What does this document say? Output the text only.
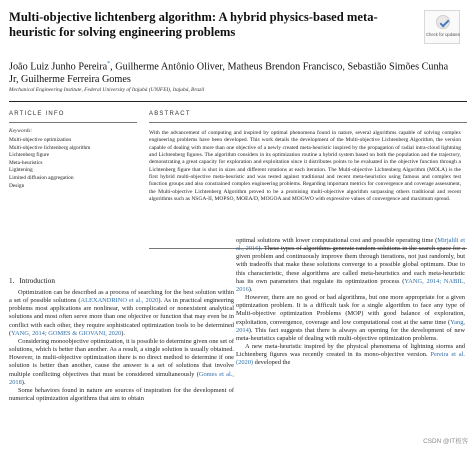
Multi-objective lichtenberg algorithm: A hybrid physics-based meta-heuristic for solving engineering problems	Check for updates
João Luiz Junho Pereira*, Guilherme Antônio Oliver, Matheus Brendon Francisco, Sebastião Simões Cunha Jr, Guilherme Ferreira Gomes
Mechanical Engineering Institute, Federal University of Itajubá (UNIFEI), Itajubá, Brazil
ARTICLE INFO
Keywords:
Multi-objective optimization
Multi-objective lichtenberg algorithm
Lichtenberg figure
Meta-heuristics
Lightening
Limited diffusion aggregation
Design
ABSTRACT
With the advancement of computing and inspired by optimal phenomena found in nature, several algorithms capable of solving complex engineering problems have been developed. This work details the development of the Multi-objective Lichtenberg Algorithm, the version capable of dealing with more than one objective of a newly created meta-heuristic inspired by the propagation of radial intra-cloud lightning and Lichtenberg figures. The algorithm considers in its optimization routine a hybrid system based on both the population and the trajectory, demonstrating a great capacity for exploration and exploitation since it distributes points to be evaluated in the objective function through a Lichtenberg figure that is shot in sizes and different rotations at each iteration. The Multi-objective Lichtenberg Algorithm (MOLA) is the first hybrid multi-objective meta-heuristic and was tested against traditional and recent meta-heuristics using famous and complex test function groups and also constrained complex engineering problems. Regarding important metrics for convergence and coverage assessment, the Multi-objective Lichtenberg Algorithm proved to be a promising multi-objective algorithm surpassing others traditional and recent algorithms such as NSGA-II, MOPSO, MOEA/D, MOGOA and MOGWO with expressive values of convergence and maximum spread.
1. Introduction

Optimization can be described as a process of searching for the best solution within a set of possible solutions (ALEXANDRINO et al., 2020). As in practical engineering problems most applications are nonlinear, with complicated or nonexistent analytical solutions and most often serve more than one objective or function that may even be in conflict with each other, they require sophisticated optimization tools to be determined (YANG, 2014; GOMES & GIOVANI, 2020).

Considering monoobjective optimization, it is possible to determine given one set of solutions, which is better than another. As a result, a single solution is usually obtained. However, in multi-objective optimization there is no direct method to determine if one solution is better than another, cause the answer is a set of solutions that involve multiple conflicting objectives that must be considered simultaneously (Gomes et al., 2018).

Some behaviors found in nature are sources of inspiration for the development of numerical optimization algorithms that aim to obtain

optimal solutions with lower computational cost and possible operating time (Mirjalili et al., 2016). These types of algorithms generate random solutions in the search space for a given problem and continuously improve them through iterations, not just randomly, but with tradeoffs that make these solutions converge to a possible global optimum. Due to this characteristic, these algorithms are called meta-heuristics and each meta-heuristic has its own parameters that regulate its optimization process (YANG, 2014; NABIL, 2016).

However, there are no good or bad algorithms, but one more appropriate for a given optimization problem. It is a difficult task for a single algorithm to face any type of Multi-objective optimization Problems (MOP) with good balance of exploration, exploitation, convergence, coverage and low computational cost at the same time (Yang, 2014). This fact suggests that there is always an opening for the development of new meta-heuristics capable of dealing with multi-objective optimization problems.

A new meta-heuristic inspired by the physical phenomena of lightning storms and Lichtenberg figures was recently created in its mono-objective version. Pereira et al. (2020) developed the

CSDN @IT极客
